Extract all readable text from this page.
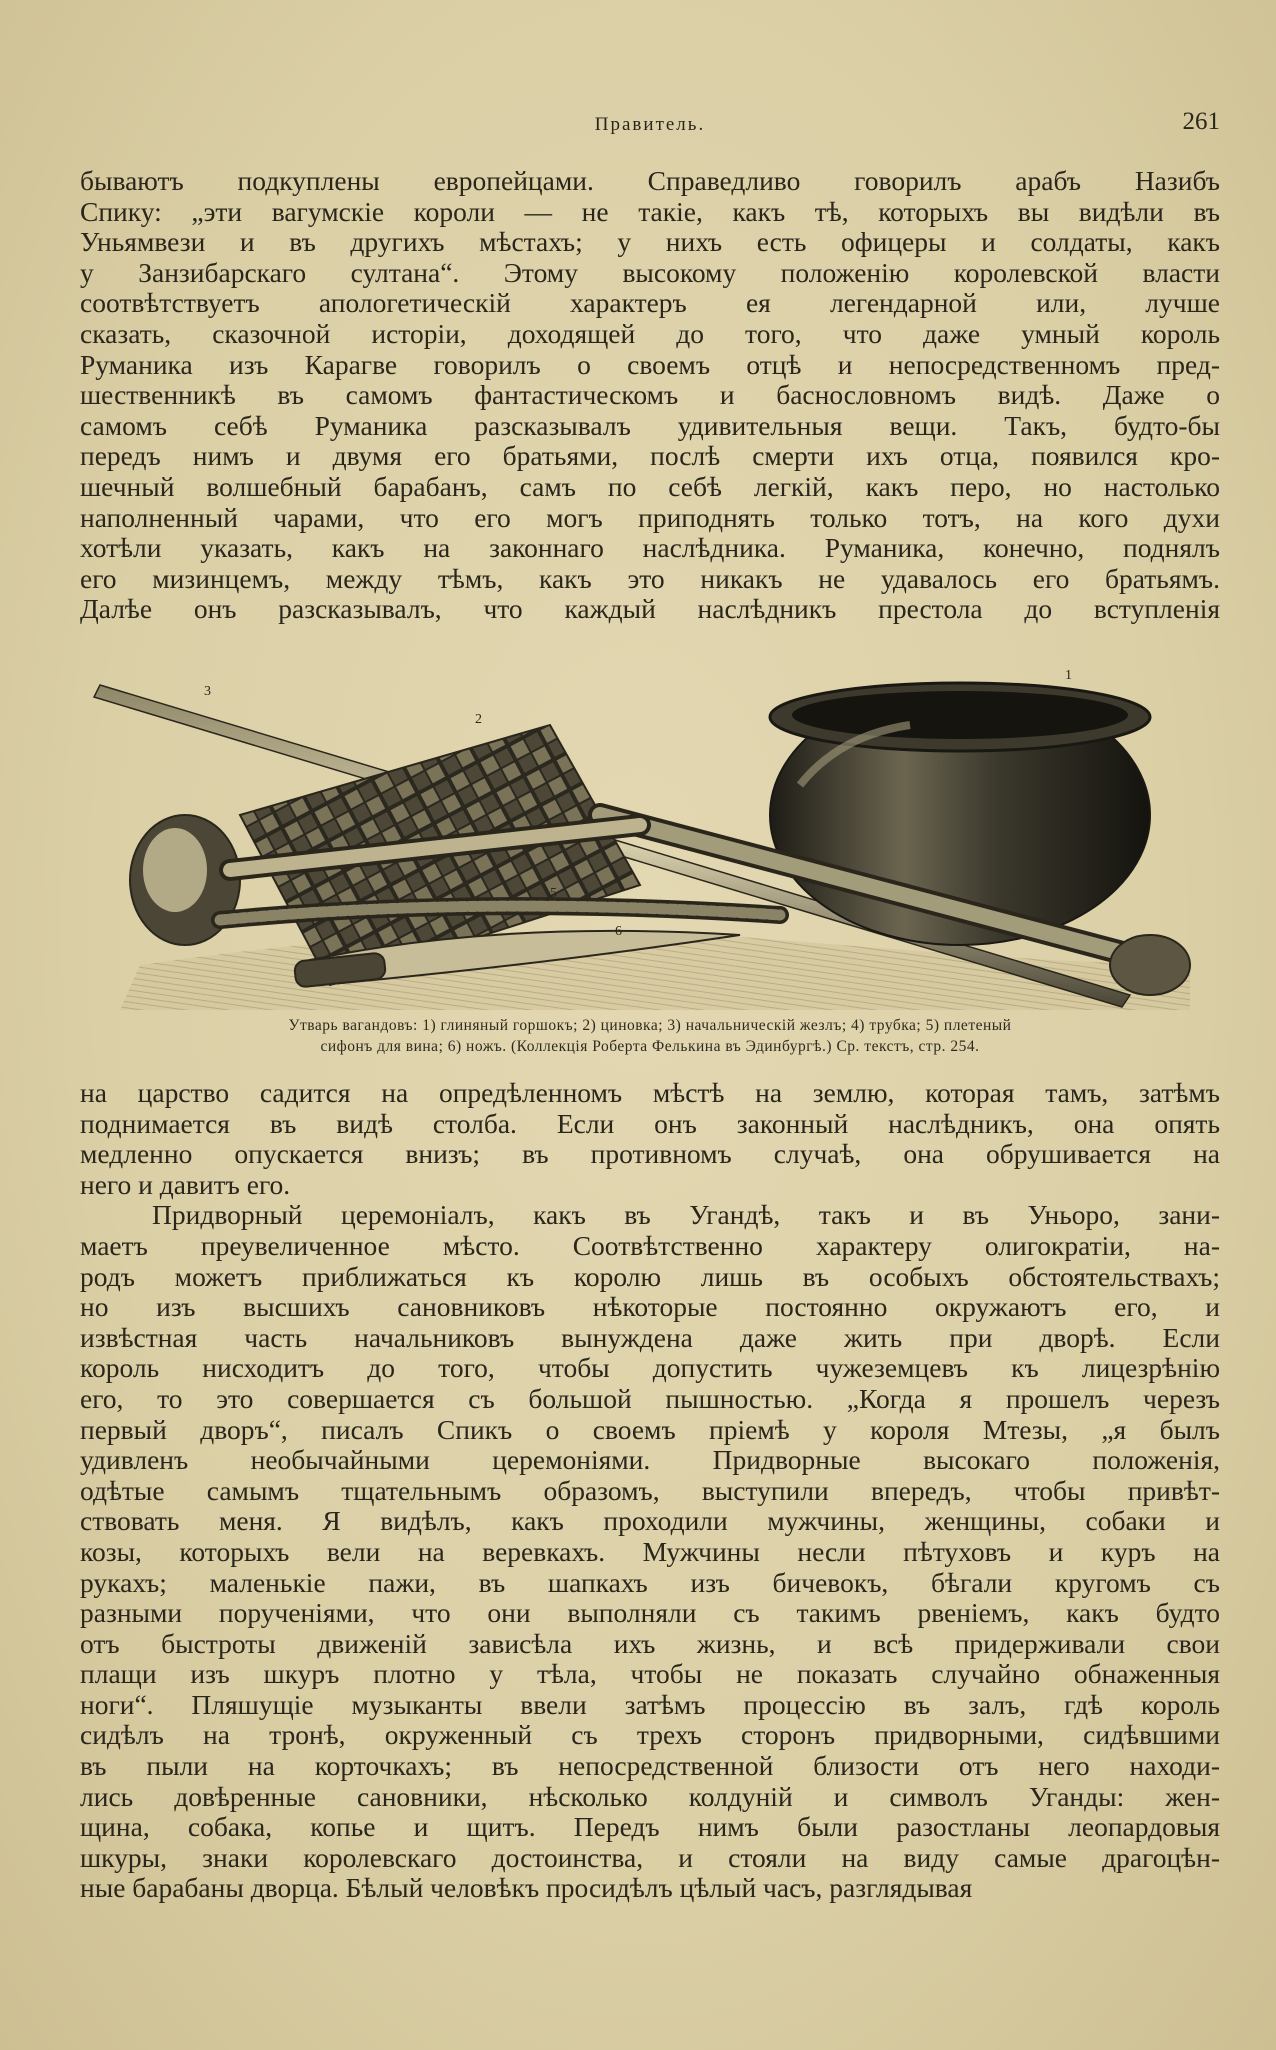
Правитель.	261
бываютъ подкуплены европейцами. Справедливо говорилъ арабъ Назибъ
Спику: „эти вагумскіе короли — не такіе, какъ тѣ, которыхъ вы видѣли въ
Уньямвези и въ другихъ мѣстахъ; у нихъ есть офицеры и солдаты, какъ
у Занзибарскаго султана“. Этому высокому положенію королевской власти
соотвѣтствуетъ апологетическій характеръ ея легендарной или, лучше
сказать, сказочной исторіи, доходящей до того, что даже умный король
Руманика изъ Карагве говорилъ о своемъ отцѣ и непосредственномъ пред-
шественникѣ въ самомъ фантастическомъ и баснословномъ видѣ. Даже о
самомъ себѣ Руманика разсказывалъ удивительныя вещи. Такъ, будто-бы
передъ нимъ и двумя его братьями, послѣ смерти ихъ отца, появился кро-
шечный волшебный барабанъ, самъ по себѣ легкій, какъ перо, но настолько
наполненный чарами, что его могъ приподнять только тотъ, на кого духи
хотѣли указать, какъ на законнаго наслѣдника. Руманика, конечно, поднялъ
его мизинцемъ, между тѣмъ, какъ это никакъ не удавалось его братьямъ.
Далѣе онъ разсказывалъ, что каждый наслѣдникъ престола до вступленія
1
2
3
5
6
Утварь вагандовъ: 1) глиняный горшокъ; 2) циновка; 3) начальническій жезлъ; 4) трубка; 5) плетеный
сифонъ для вина; 6) ножъ. (Коллекція Роберта Фелькина въ Эдинбургѣ.) Ср. текстъ, стр. 254.
на царство садится на опредѣленномъ мѣстѣ на землю, которая тамъ, затѣмъ
поднимается въ видѣ столба. Если онъ законный наслѣдникъ, она опять
медленно опускается внизъ; въ противномъ случаѣ, она обрушивается на
него и давитъ его.
Придворный церемоніалъ, какъ въ Угандѣ, такъ и въ Уньоро, зани-
маетъ преувеличенное мѣсто. Соотвѣтственно характеру олигократіи, на-
родъ можетъ приближаться къ королю лишь въ особыхъ обстоятельствахъ;
но изъ высшихъ сановниковъ нѣкоторые постоянно окружаютъ его, и
извѣстная часть начальниковъ вынуждена даже жить при дворѣ. Если
король нисходитъ до того, чтобы допустить чужеземцевъ къ лицезрѣнію
его, то это совершается съ большой пышностью. „Когда я прошелъ черезъ
первый дворъ“, писалъ Спикъ о своемъ пріемѣ у короля Мтезы, „я былъ
удивленъ необычайными церемоніями. Придворные высокаго положенія,
одѣтые самымъ тщательнымъ образомъ, выступили впередъ, чтобы привѣт-
ствовать меня. Я видѣлъ, какъ проходили мужчины, женщины, собаки и
козы, которыхъ вели на веревкахъ. Мужчины несли пѣтуховъ и куръ на
рукахъ; маленькіе пажи, въ шапкахъ изъ бичевокъ, бѣгали кругомъ съ
разными порученіями, что они выполняли съ такимъ рвеніемъ, какъ будто
отъ быстроты движеній зависѣла ихъ жизнь, и всѣ придерживали свои
плащи изъ шкуръ плотно у тѣла, чтобы не показать случайно обнаженныя
ноги“. Пляшущіе музыканты ввели затѣмъ процессію въ залъ, гдѣ король
сидѣлъ на тронѣ, окруженный съ трехъ сторонъ придворными, сидѣвшими
въ пыли на корточкахъ; въ непосредственной близости отъ него находи-
лись довѣренные сановники, нѣсколько колдуній и символъ Уганды: жен-
щина, собака, копье и щитъ. Передъ нимъ были разостланы леопардовыя
шкуры, знаки королевскаго достоинства, и стояли на виду самые драгоцѣн-
ные барабаны дворца. Бѣлый человѣкъ просидѣлъ цѣлый часъ, разглядывая
